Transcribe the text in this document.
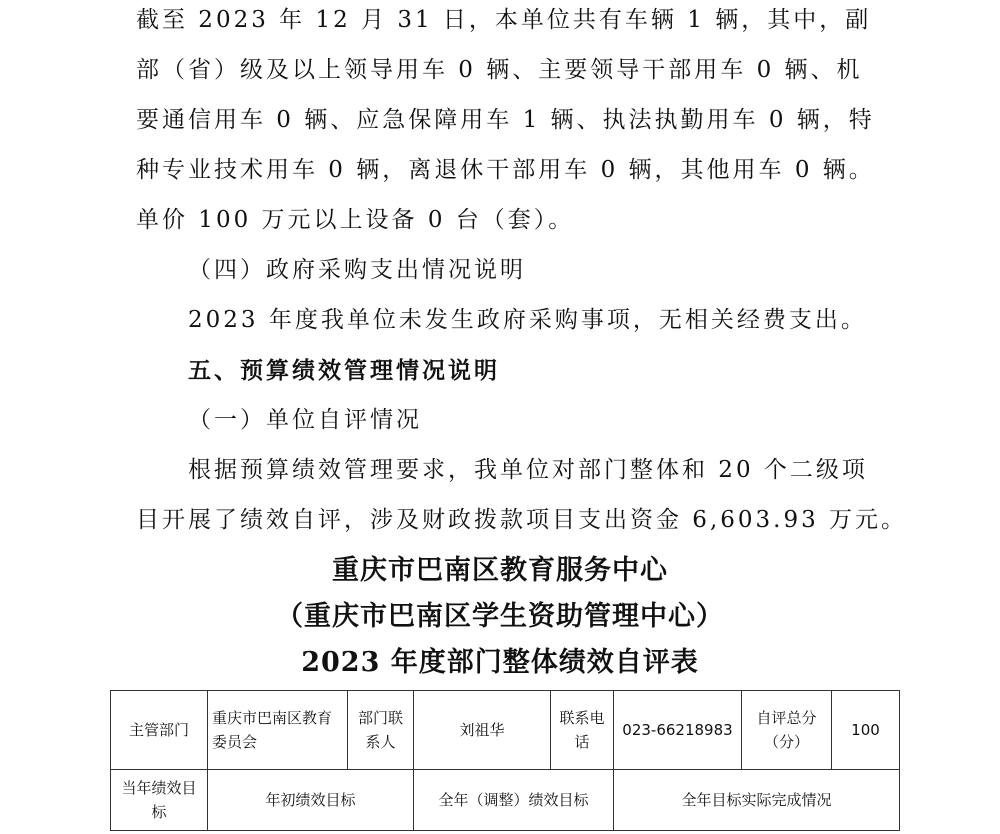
截至 2023 年 12 月 31 日，本单位共有车辆 1 辆，其中，副
部（省）级及以上领导用车 0 辆、主要领导干部用车 0 辆、机
要通信用车 0 辆、应急保障用车 1 辆、执法执勤用车 0 辆，特
种专业技术用车 0 辆，离退休干部用车 0 辆，其他用车 0 辆。
单价 100 万元以上设备 0 台（套）。
（四）政府采购支出情况说明
2023 年度我单位未发生政府采购事项，无相关经费支出。
五、预算绩效管理情况说明
（一）单位自评情况
根据预算绩效管理要求，我单位对部门整体和 20 个二级项
目开展了绩效自评，涉及财政拨款项目支出资金 6,603.93 万元。
重庆市巴南区教育服务中心
（重庆市巴南区学生资助管理中心）
2023 年度部门整体绩效自评表
主管部门	重庆市巴南区教育委员会	部门联系人	刘祖华	联系电话	023-66218983	自评总分（分）	100
当年绩效目标	年初绩效目标		全年（调整）绩效目标		全年目标实际完成情况		
